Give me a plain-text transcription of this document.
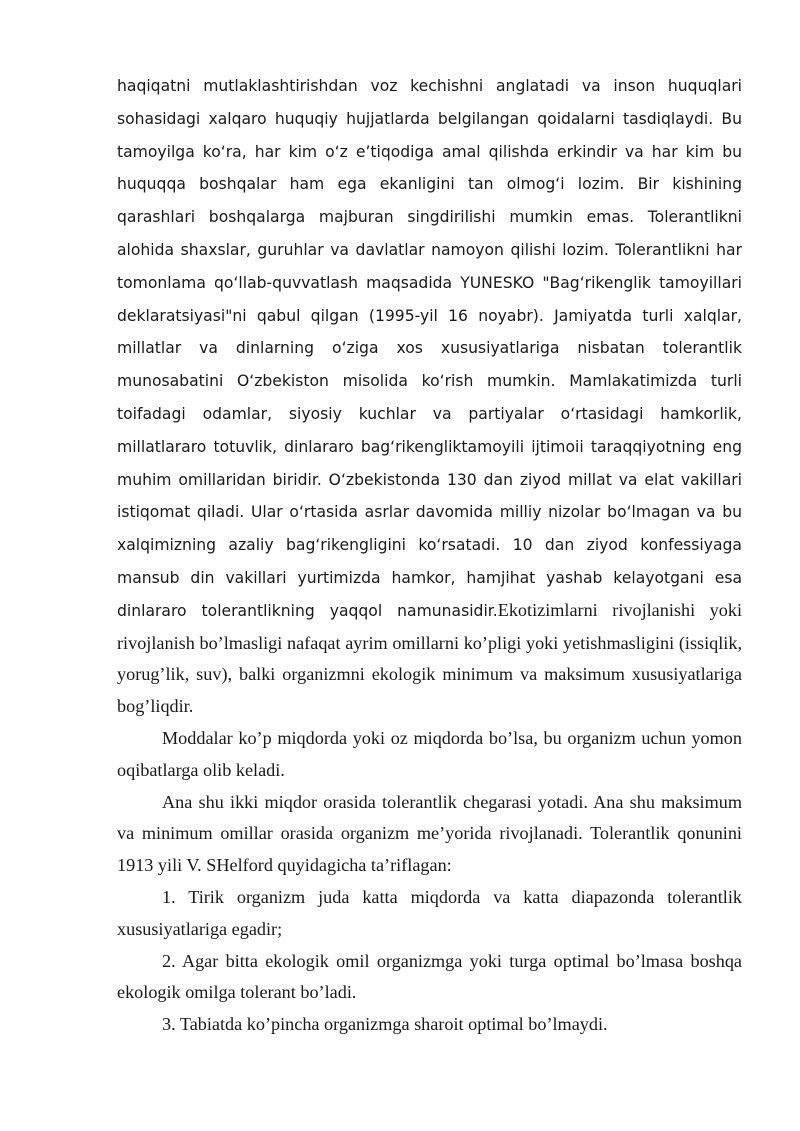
haqiqatni mutlaklashtirishdan voz kechishni anglatadi va inson huquqlari sohasidagi xalqaro huquqiy hujjatlarda belgilangan qoidalarni tasdiqlaydi. Bu tamoyilga ko‘ra, har kim o‘z e’tiqodiga amal qilishda erkindir va har kim bu huquqqa boshqalar ham ega ekanligini tan olmog‘i lozim. Bir kishining qarashlari boshqalarga majburan singdirilishi mumkin emas. Tolerantlikni alohida shaxslar, guruhlar va davlatlar namoyon qilishi lozim. Tolerantlikni har tomonlama qo‘llab-quvvatlash maqsadida YUNESKO "Bag‘rikenglik tamoyillari deklaratsiyasi"ni qabul qilgan (1995-yil 16 noyabr). Jamiyatda turli xalqlar, millatlar va dinlarning o‘ziga xos xususiyatlariga nisbatan tolerantlik munosabatini O‘zbekiston misolida ko‘rish mumkin. Mamlakatimizda turli toifadagi odamlar, siyosiy kuchlar va partiyalar o‘rtasidagi hamkorlik, millatlararo totuvlik, dinlararo bag‘rikengliktamoyili ijtimoii taraqqiyotning eng muhim omillaridan biridir. O‘zbekistonda 130 dan ziyod millat va elat vakillari istiqomat qiladi. Ular o‘rtasida asrlar davomida milliy nizolar bo‘lmagan va bu xalqimizning azaliy bag‘rikengligini ko‘rsatadi. 10 dan ziyod konfessiyaga mansub din vakillari yurtimizda hamkor, hamjihat yashab kelayotgani esa dinlararo tolerantlikning yaqqol namunasidir.Ekotizimlarni rivojlanishi yoki rivojlanish bo’lmasligi nafaqat ayrim omillarni ko’pligi yoki yetishmasligini (issiqlik, yorug’lik, suv), balki organizmni ekologik minimum va maksimum xususiyatlariga bog’liqdir.

Moddalar ko’p miqdorda yoki oz miqdorda bo’lsa, bu organizm uchun yomon oqibatlarga olib keladi.

Ana shu ikki miqdor orasida tolerantlik chegarasi yotadi. Ana shu maksimum va minimum omillar orasida organizm me’yorida rivojlanadi. Tolerantlik qonunini 1913 yili V. SHelford quyidagicha ta’riflagan:

1. Tirik organizm juda katta miqdorda va katta diapazonda tolerantlik xususiyatlariga egadir;

2. Agar bitta ekologik omil organizmga yoki turga optimal bo’lmasa boshqa ekologik omilga tolerant bo’ladi.

3. Tabiatda ko’pincha organizmga sharoit optimal bo’lmaydi.
